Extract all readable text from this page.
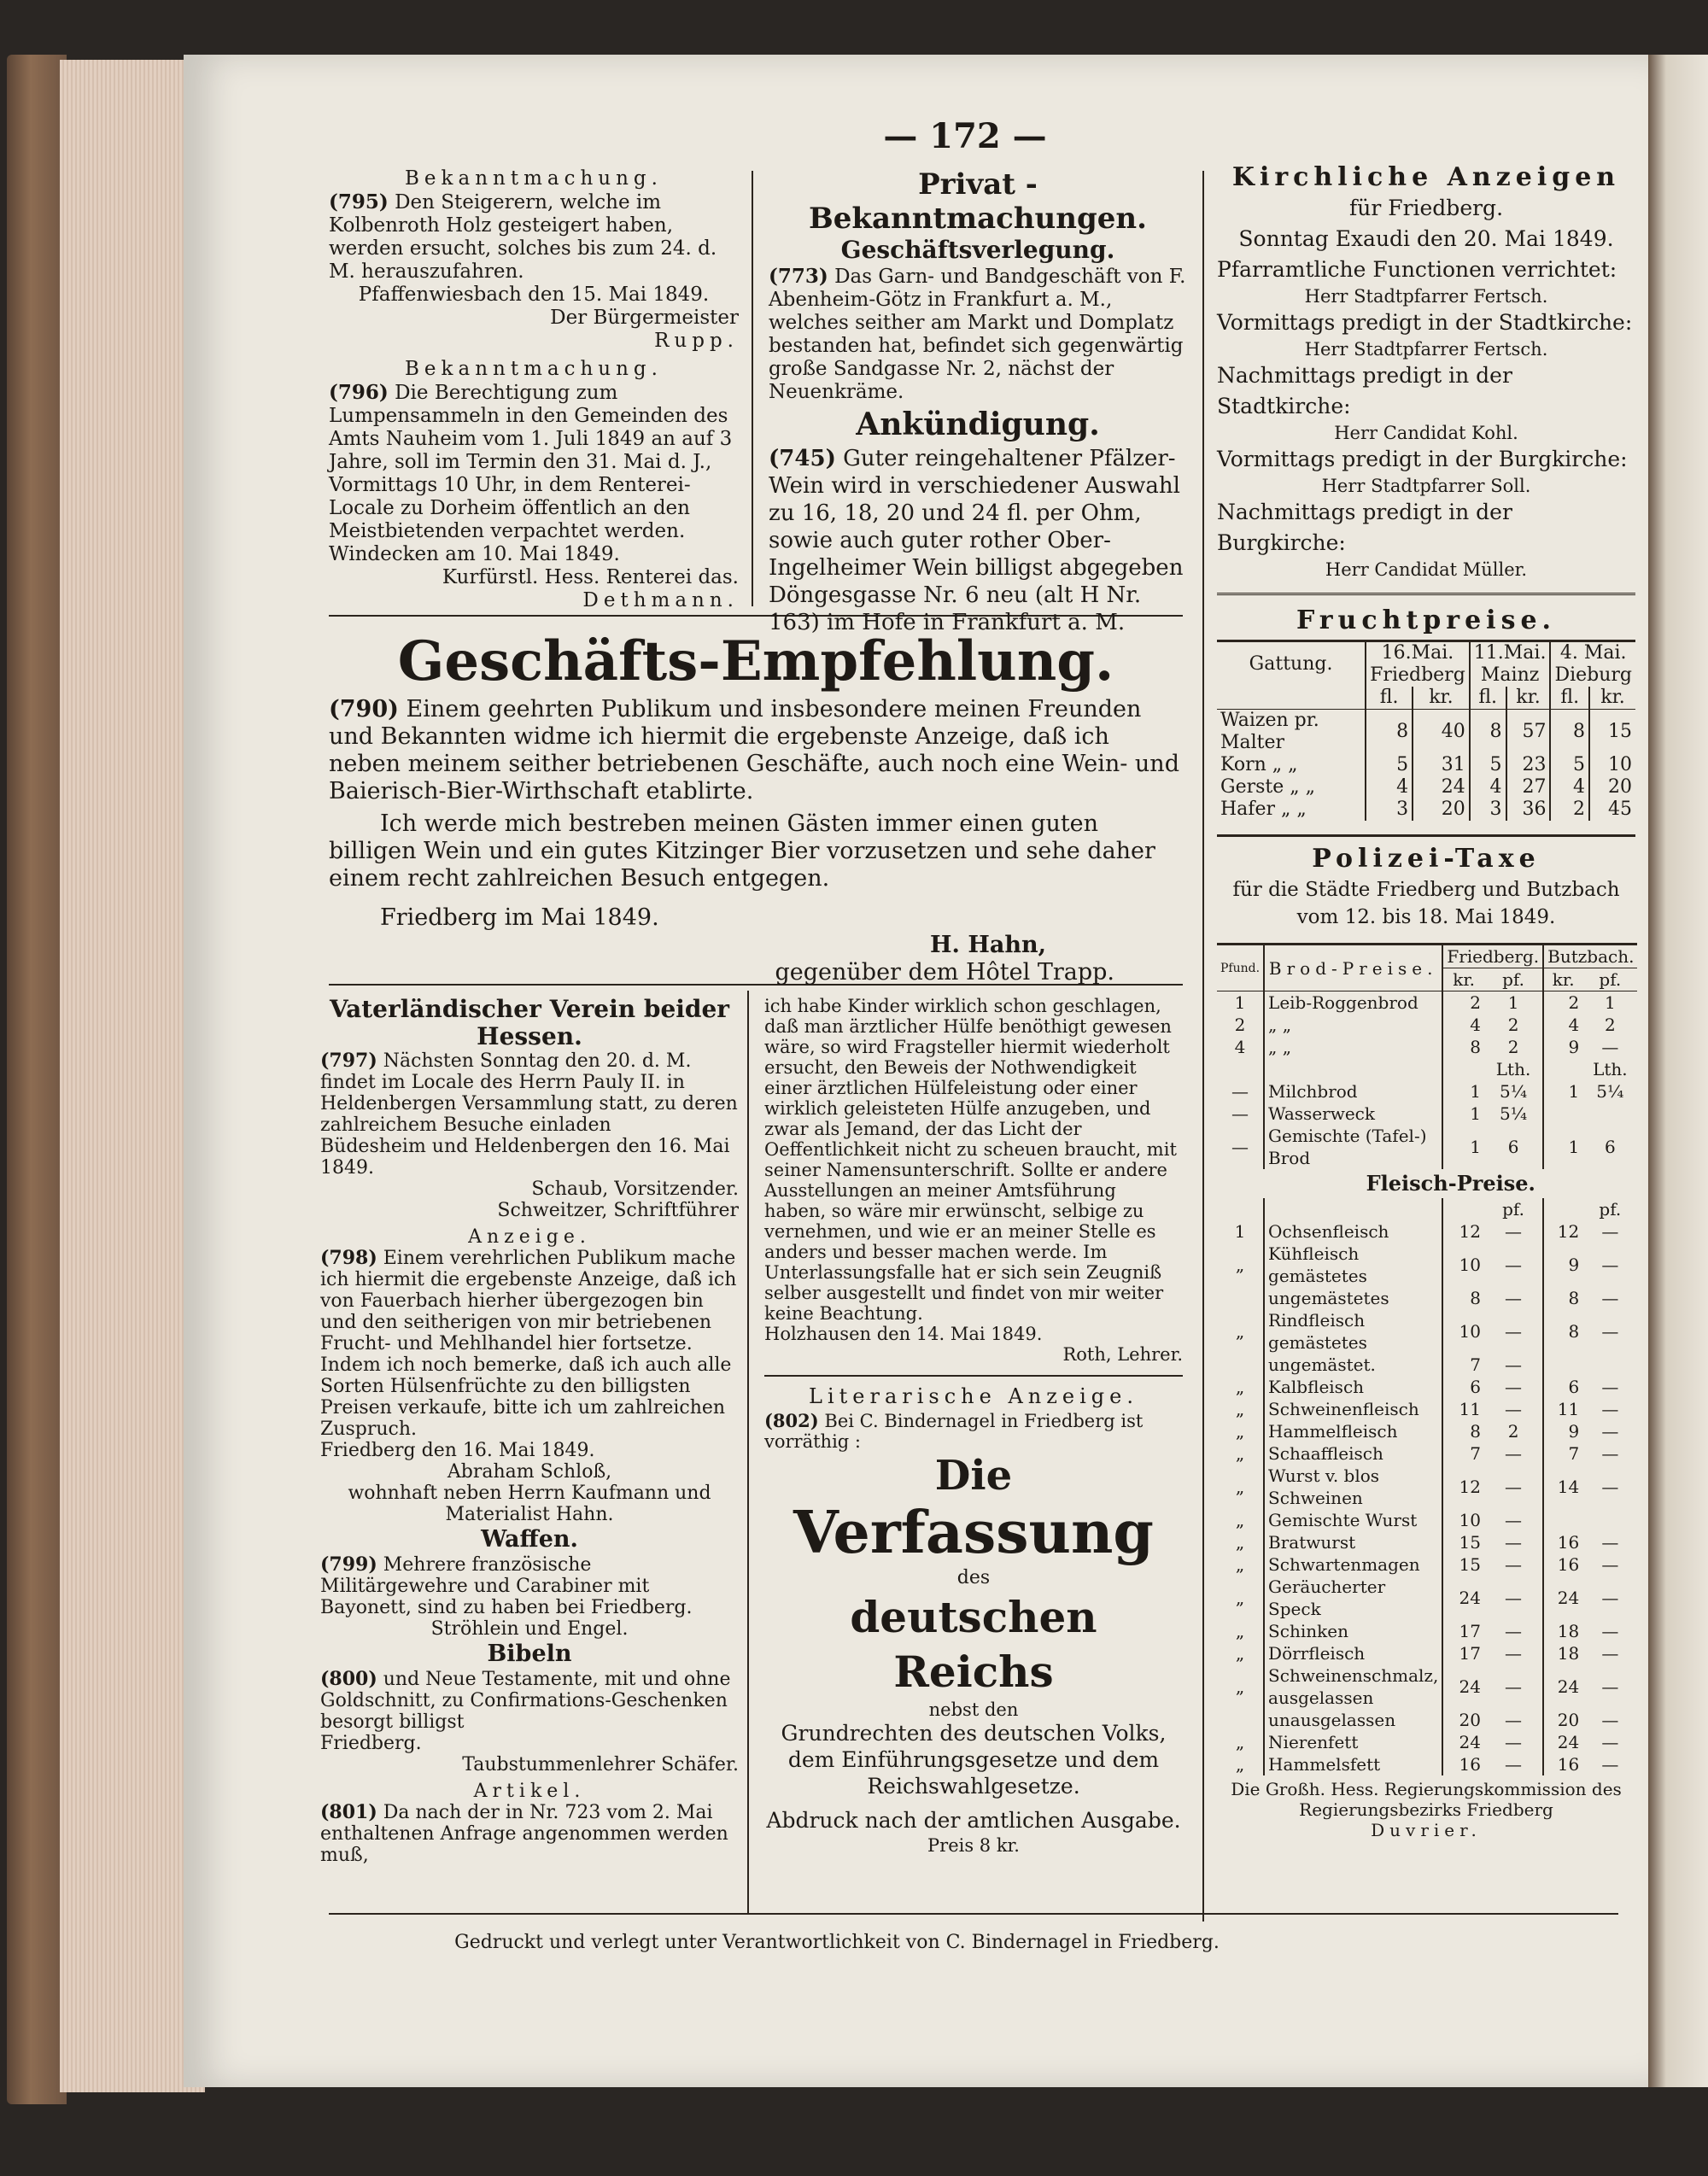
— 172 —

Bekanntmachung.

(795) Den Steigerern, welche im Kolbenroth Holz gesteigert haben, werden ersucht, solches bis zum 24. d. M. herauszufahren.

Pfaffenwiesbach den 15. Mai 1849.

Der Bürgermeister

Rupp.

Bekanntmachung.

(796) Die Berechtigung zum Lumpensammeln in den Gemeinden des Amts Nauheim vom 1. Juli 1849 an auf 3 Jahre, soll im Termin den 31. Mai d. J., Vormittags 10 Uhr, in dem Renterei-Locale zu Dorheim öffentlich an den Meistbietenden verpachtet werden.

Windecken am 10. Mai 1849.

Kurfürstl. Hess. Renterei das.

Dethmann.

Privat - Bekanntmachungen.

Geschäftsverlegung.

(773) Das Garn- und Bandgeschäft von F. Abenheim-Götz in Frankfurt a. M., welches seither am Markt und Domplatz bestanden hat, befindet sich gegenwärtig große Sandgasse Nr. 2, nächst der Neuenkräme.

Ankündigung.

(745) Guter reingehaltener Pfälzer-Wein wird in verschiedener Auswahl zu 16, 18, 20 und 24 fl. per Ohm, sowie auch guter rother Ober-Ingelheimer Wein billigst abgegeben Döngesgasse Nr. 6 neu (alt H Nr. 163) im Hofe in Frankfurt a. M.

Geschäfts-Empfehlung.

(790) Einem geehrten Publikum und insbesondere meinen Freunden und Bekannten widme ich hiermit die ergebenste Anzeige, daß ich neben meinem seither betriebenen Geschäfte, auch noch eine Wein- und Baierisch-Bier-Wirthschaft etablirte.

Ich werde mich bestreben meinen Gästen immer einen guten billigen Wein und ein gutes Kitzinger Bier vorzusetzen und sehe daher einem recht zahlreichen Besuch entgegen.

Friedberg im Mai 1849.

H. Hahn,

gegenüber dem Hôtel Trapp.

Vaterländischer Verein beider Hessen.

(797) Nächsten Sonntag den 20. d. M. findet im Locale des Herrn Pauly II. in Heldenbergen Versammlung statt, zu deren zahlreichem Besuche einladen

Büdesheim und Heldenbergen den 16. Mai 1849.

Schaub, Vorsitzender.

Schweitzer, Schriftführer

Anzeige.

(798) Einem verehrlichen Publikum mache ich hiermit die ergebenste Anzeige, daß ich von Fauerbach hierher übergezogen bin und den seitherigen von mir betriebenen Frucht- und Mehlhandel hier fortsetze. Indem ich noch bemerke, daß ich auch alle Sorten Hülsenfrüchte zu den billigsten Preisen verkaufe, bitte ich um zahlreichen Zuspruch.

Friedberg den 16. Mai 1849.

Abraham Schloß,

wohnhaft neben Herrn Kaufmann und Materialist Hahn.

Waffen.

(799) Mehrere französische Militärgewehre und Carabiner mit Bayonett, sind zu haben bei Friedberg.

Ströhlein und Engel.

Bibeln

(800) und Neue Testamente, mit und ohne Goldschnitt, zu Confirmations-Geschenken besorgt billigst

Friedberg.

Taubstummenlehrer Schäfer.

Artikel.

(801) Da nach der in Nr. 723 vom 2. Mai enthaltenen Anfrage angenommen werden muß,

ich habe Kinder wirklich schon geschlagen, daß man ärztlicher Hülfe benöthigt gewesen wäre, so wird Fragsteller hiermit wiederholt ersucht, den Beweis der Nothwendigkeit einer ärztlichen Hülfeleistung oder einer wirklich geleisteten Hülfe anzugeben, und zwar als Jemand, der das Licht der Oeffentlichkeit nicht zu scheuen braucht, mit seiner Namensunterschrift. Sollte er andere Ausstellungen an meiner Amtsführung haben, so wäre mir erwünscht, selbige zu vernehmen, und wie er an meiner Stelle es anders und besser machen werde. Im Unterlassungsfalle hat er sich sein Zeugniß selber ausgestellt und findet von mir weiter keine Beachtung.

Holzhausen den 14. Mai 1849.

Roth, Lehrer.

Literarische Anzeige.

(802) Bei C. Bindernagel in Friedberg ist vorräthig :

Die

Verfassung

des

deutschen Reichs

nebst den

Grundrechten des deutschen Volks, dem Einführungsgesetze und dem Reichswahlgesetze.

Abdruck nach der amtlichen Ausgabe.

Preis 8 kr.

Kirchliche Anzeigen

für Friedberg.

Sonntag Exaudi den 20. Mai 1849.

Pfarramtliche Functionen verrichtet:

Herr Stadtpfarrer Fertsch.

Vormittags predigt in der Stadtkirche:

Herr Stadtpfarrer Fertsch.

Nachmittags predigt in der Stadtkirche:

Herr Candidat Kohl.

Vormittags predigt in der Burgkirche:

Herr Stadtpfarrer Soll.

Nachmittags predigt in der Burgkirche:

Herr Candidat Müller.

Fruchtpreise.

Gattung.	16.Mai.		11.Mai.		4. Mai.	
	Friedberg		Mainz		Dieburg	
	fl.	kr.	fl.	kr.	fl.	kr.
Waizen pr. Malter	8	40	8	57	8	15
Korn „ „	5	31	5	23	5	10
Gerste „ „	4	24	4	27	4	20
Hafer „ „	3	20	3	36	2	45

Polizei-Taxe

für die Städte Friedberg und Butzbach

vom 12. bis 18. Mai 1849.

Pfund.	Brod-Preise.	Friedberg.		Butzbach.	
		kr.	pf.	kr.	pf.
1	Leib-Roggenbrod	2	1	2	1
2	„ „	4	2	4	2
4	„ „	8	2	9	—
			Lth.		Lth.
—	Milchbrod	1	5¼	1	5¼
—	Wasserweck	1	5¼		
—	Gemischte (Tafel-) Brod	1	6	1	6
	Fleisch-Preise.				
			pf.		pf.
1	Ochsenfleisch	12	—	12	—
„	Kühfleisch gemästetes	10	—	9	—
	ungemästetes	8	—	8	—
„	Rindfleisch gemästetes	10	—	8	—
	ungemästet.	7	—		
„	Kalbfleisch	6	—	6	—
„	Schweinenfleisch	11	—	11	—
„	Hammelfleisch	8	2	9	—
„	Schaaffleisch	7	—	7	—
„	Wurst v. blos Schweinen	12	—	14	—
„	Gemischte Wurst	10	—		
„	Bratwurst	15	—	16	—
„	Schwartenmagen	15	—	16	—
„	Geräucherter Speck	24	—	24	—
„	Schinken	17	—	18	—
„	Dörrfleisch	17	—	18	—
„	Schweinenschmalz, ausgelassen	24	—	24	—
	unausgelassen	20	—	20	—
„	Nierenfett	24	—	24	—
„	Hammelsfett	16	—	16	—

Die Großh. Hess. Regierungskommission des Regierungsbezirks Friedberg

Duvrier.

Gedruckt und verlegt unter Verantwortlichkeit von C. Bindernagel in Friedberg.
